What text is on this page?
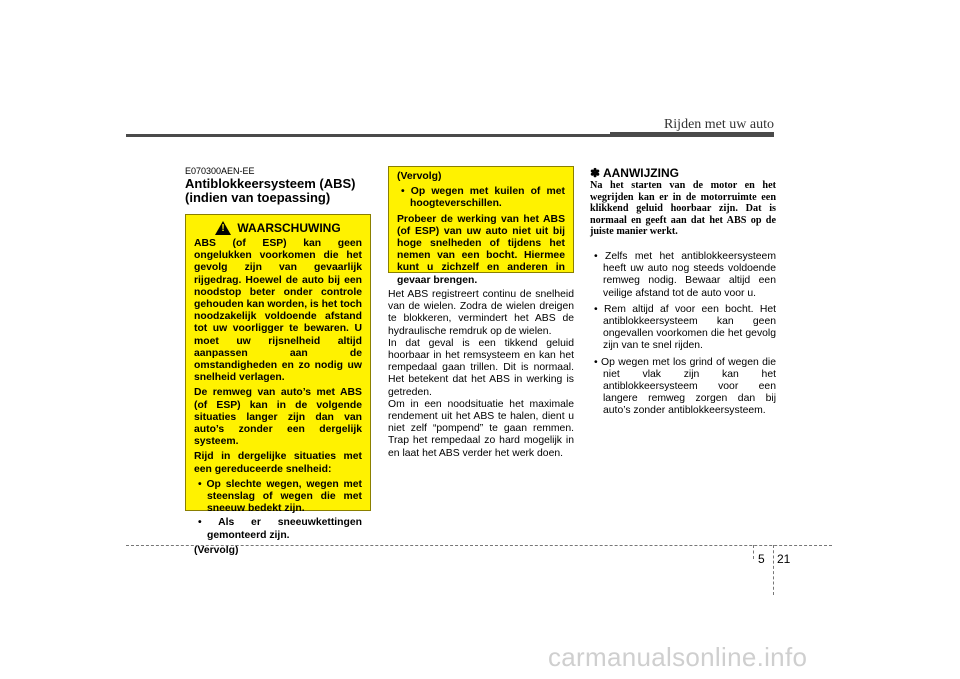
Rijden met uw auto
E070300AEN-EE
Antiblokkeersysteem (ABS) (indien van toepassing)
! WAARSCHUWING

ABS (of ESP) kan geen ongelukken voorkomen die het gevolg zijn van gevaarlijk rijgedrag. Hoewel de auto bij een noodstop beter onder controle gehouden kan worden, is het toch noodzakelijk voldoende afstand tot uw voorligger te bewaren. U moet uw rijsnelheid altijd aanpassen aan de omstandigheden en zo nodig uw snelheid verlagen.

De remweg van auto’s met ABS (of ESP) kan in de volgende situaties langer zijn dan van auto’s zonder een dergelijk systeem.

Rijd in dergelijke situaties met een gereduceerde snelheid:

• Op slechte wegen, wegen met steenslag of wegen die met sneeuw bedekt zijn.
• Als er sneeuwkettingen gemonteerd zijn.

(Vervolg)

(Vervolg)

• Op wegen met kuilen of met hoogteverschillen.

Probeer de werking van het ABS (of ESP) van uw auto niet uit bij hoge snelheden of tijdens het nemen van een bocht. Hiermee kunt u zichzelf en anderen in gevaar brengen.

Het ABS registreert continu de snelheid van de wielen. Zodra de wielen dreigen te blokkeren, vermindert het ABS de hydraulische remdruk op de wielen.

In dat geval is een tikkend geluid hoorbaar in het remsysteem en kan het rempedaal gaan trillen. Dit is normaal. Het betekent dat het ABS in werking is getreden.

Om in een noodsituatie het maximale rendement uit het ABS te halen, dient u niet zelf “pompend” te gaan remmen. Trap het rempedaal zo hard mogelijk in en laat het ABS verder het werk doen.

✽ AANWIJZING
Na het starten van de motor en het wegrijden kan er in de motorruimte een klikkend geluid hoorbaar zijn. Dat is normaal en geeft aan dat het ABS op de juiste manier werkt.
• Zelfs met het antiblokkeersysteem heeft uw auto nog steeds voldoende remweg nodig. Bewaar altijd een veilige afstand tot de auto voor u.
• Rem altijd af voor een bocht. Het antiblokkeersysteem kan geen ongevallen voorkomen die het gevolg zijn van te snel rijden.
• Op wegen met los grind of wegen die niet vlak zijn kan het antiblokkeersysteem voor een langere remweg zorgen dan bij auto’s zonder antiblokkeersysteem.
5 21
carmanualsonline.info
